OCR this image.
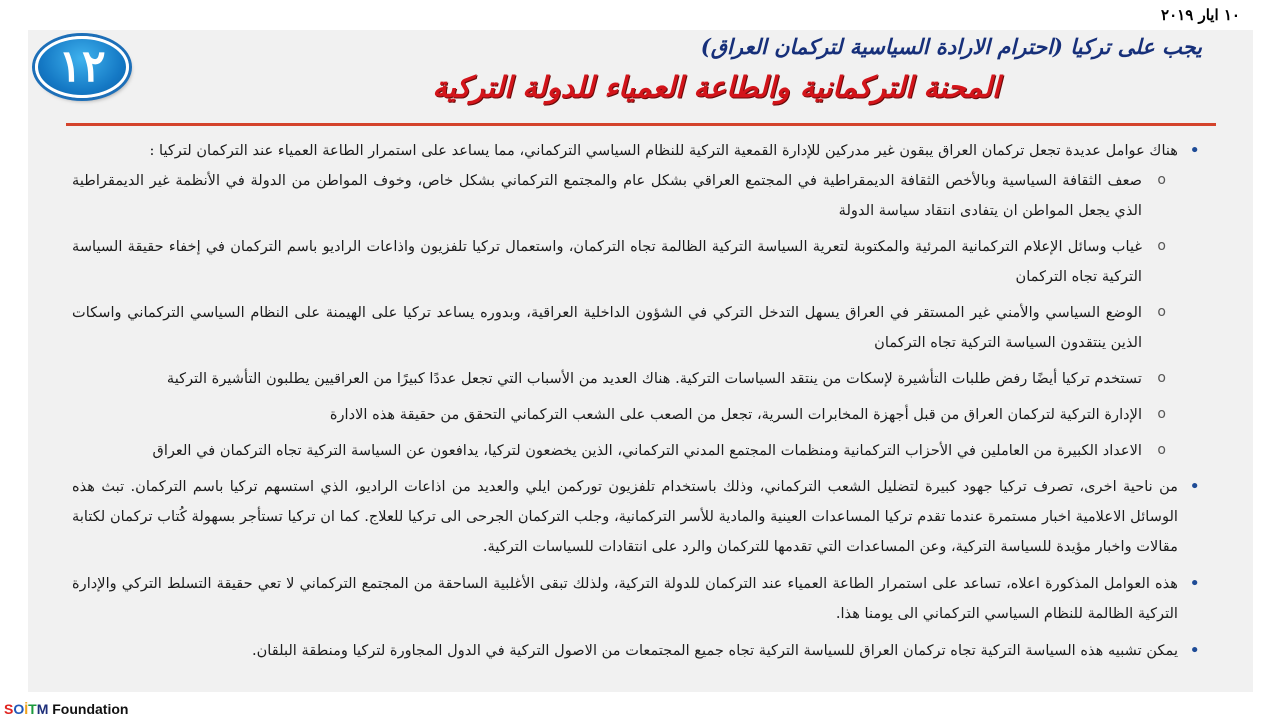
١٠ ايار ٢٠١٩
١٢	يجب على تركيا (احترام الارادة السياسية لتركمان العراق)
المحنة التركمانية والطاعة العمياء للدولة التركية
• هناك عوامل عديدة تجعل تركمان العراق يبقون غير مدركين للإدارة القمعية التركية للنظام السياسي التركماني، مما يساعد على استمرار الطاعة العمياء عند التركمان لتركيا :
o صعف الثقافة السياسية وبالأخص الثقافة الديمقراطية في المجتمع العراقي بشكل عام والمجتمع التركماني بشكل خاص، وخوف المواطن من الدولة في الأنظمة غير الديمقراطية الذي يجعل المواطن ان يتفادى انتقاد سياسة الدولة
o غياب وسائل الإعلام التركمانية المرئية والمكتوبة لتعرية السياسة التركية الظالمة تجاه التركمان، واستعمال تركيا تلفزيون واذاعات الراديو باسم التركمان في إخفاء حقيقة السياسة التركية تجاه التركمان
o الوضع السياسي والأمني غير المستقر في العراق يسهل التدخل التركي في الشؤون الداخلية العراقية، وبدوره يساعد تركيا على الهيمنة على النظام السياسي التركماني واسكات الذين ينتقدون السياسة التركية تجاه التركمان
o تستخدم تركيا أيضًا رفض طلبات التأشيرة لإسكات من ينتقد السياسات التركية. هناك العديد من الأسباب التي تجعل عددًا كبيرًا من العراقيين يطلبون التأشيرة التركية
o الإدارة التركية لتركمان العراق من قبل أجهزة المخابرات السرية، تجعل من الصعب على الشعب التركماني التحقق من حقيقة هذه الادارة
o الاعداد الكبيرة من العاملين في الأحزاب التركمانية ومنظمات المجتمع المدني التركماني، الذين يخضعون لتركيا، يدافعون عن السياسة التركية تجاه التركمان في العراق
• من ناحية اخرى، تصرف تركيا جهود كبيرة لتضليل الشعب التركماني، وذلك باستخدام تلفزيون توركمن ايلي والعديد من اذاعات الراديو، الذي استسهم تركيا باسم التركمان. تبث هذه الوسائل الاعلامية اخبار مستمرة عندما تقدم تركيا المساعدات العينية والمادية للأسر التركمانية، وجلب التركمان الجرحى الى تركيا للعلاج. كما ان تركيا تستأجر بسهولة كُتاب تركمان لكتابة مقالات واخبار مؤيدة للسياسة التركية، وعن المساعدات التي تقدمها للتركمان والرد على انتقادات للسياسات التركية.
• هذه العوامل المذكورة اعلاه، تساعد على استمرار الطاعة العمياء عند التركمان للدولة التركية، ولذلك تبقى الأغلبية الساحقة من المجتمع التركماني لا تعي حقيقة التسلط التركي والإدارة التركية الظالمة للنظام السياسي التركماني الى يومنا هذا.
• يمكن تشبيه هذه السياسة التركية تجاه تركمان العراق للسياسة التركية تجاه جميع المجتمعات من الاصول التركية في الدول المجاورة لتركيا ومنطقة البلقان.
SOİTM Foundation
